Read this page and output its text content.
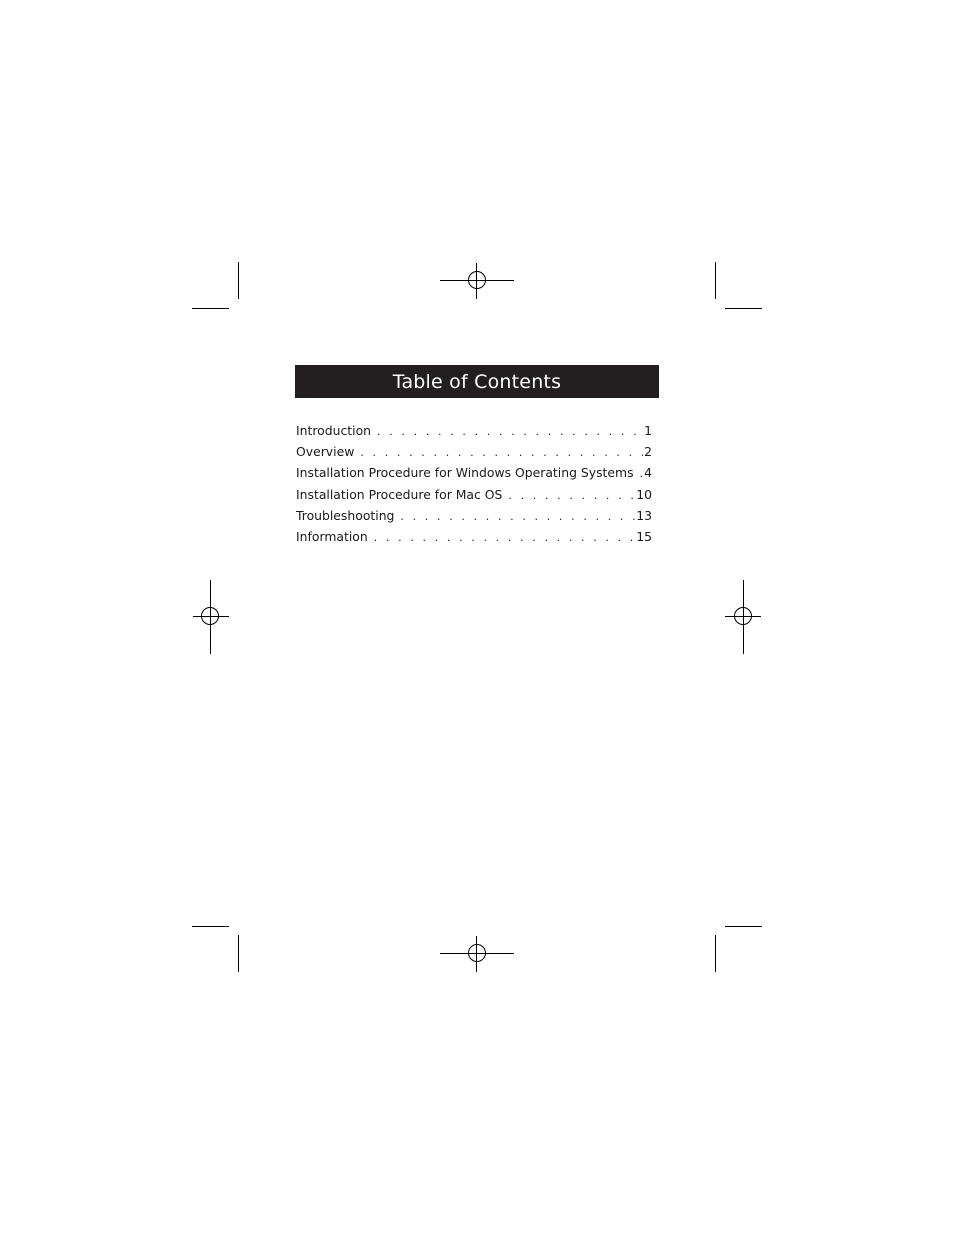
Table of Contents
Introduction . . .	1
Overview . . .	2
Installation Procedure for Windows Operating Systems . . . 4
Installation Procedure for Mac OS . . .	10
Troubleshooting . . .	13
Information . . .	15
